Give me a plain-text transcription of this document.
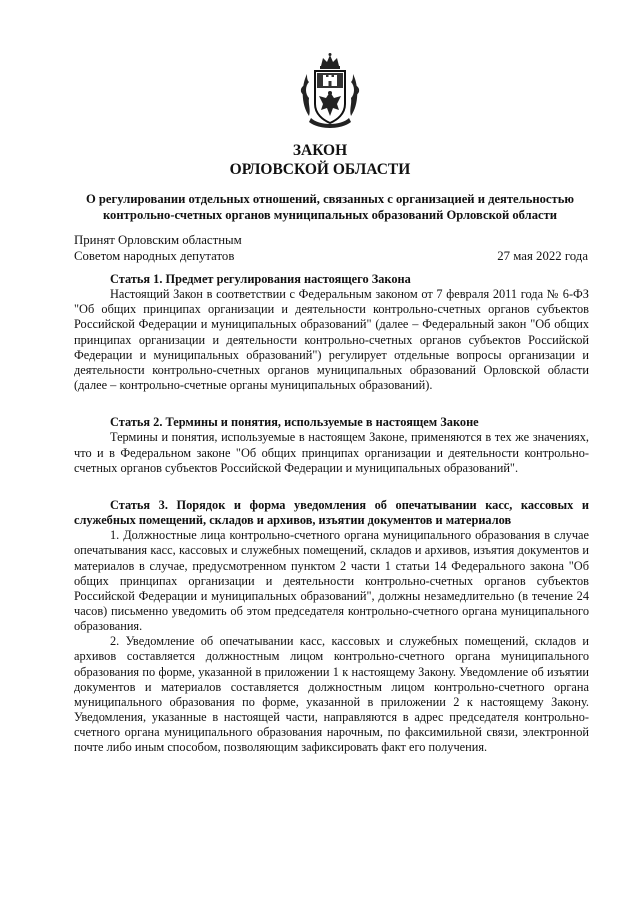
ЗАКОН
ОРЛОВСКОЙ ОБЛАСТИ
О регулировании отдельных отношений, связанных с организацией и деятельностью контрольно-счетных органов муниципальных образований Орловской области
Принят Орловским областным
Советом народных депутатов	27 мая 2022 года

Статья 1. Предмет регулирования настоящего Закона

Настоящий Закон в соответствии с Федеральным законом от 7 февраля 2011 года № 6-ФЗ "Об общих принципах организации и деятельности контрольно-счетных органов субъектов Российской Федерации и муниципальных образований" (далее – Федеральный закон "Об общих принципах организации и деятельности контрольно-счетных органов субъектов Российской Федерации и муниципальных образований") регулирует отдельные вопросы организации и деятельности контрольно-счетных органов муниципальных образований Орловской области (далее – контрольно-счетные органы муниципальных образований).

Статья 2. Термины и понятия, используемые в настоящем Законе

Термины и понятия, используемые в настоящем Законе, применяются в тех же значениях, что и в Федеральном законе "Об общих принципах организации и деятельности контрольно-счетных органов субъектов Российской Федерации и муниципальных образований".

Статья 3. Порядок и форма уведомления об опечатывании касс, кассовых и служебных помещений, складов и архивов, изъятии документов и материалов

1. Должностные лица контрольно-счетного органа муниципального образования в случае опечатывания касс, кассовых и служебных помещений, складов и архивов, изъятия документов и материалов в случае, предусмотренном пунктом 2 части 1 статьи 14 Федерального закона "Об общих принципах организации и деятельности контрольно-счетных органов субъектов Российской Федерации и муниципальных образований", должны незамедлительно (в течение 24 часов) письменно уведомить об этом председателя контрольно-счетного органа муниципального образования.

2. Уведомление об опечатывании касс, кассовых и служебных помещений, складов и архивов составляется должностным лицом контрольно-счетного органа муниципального образования по форме, указанной в приложении 1 к настоящему Закону. Уведомление об изъятии документов и материалов составляется должностным лицом контрольно-счетного органа муниципального образования по форме, указанной в приложении 2 к настоящему Закону. Уведомления, указанные в настоящей части, направляются в адрес председателя контрольно-счетного органа муниципального образования нарочным, по факсимильной связи, электронной почте либо иным способом, позволяющим зафиксировать факт его получения.
